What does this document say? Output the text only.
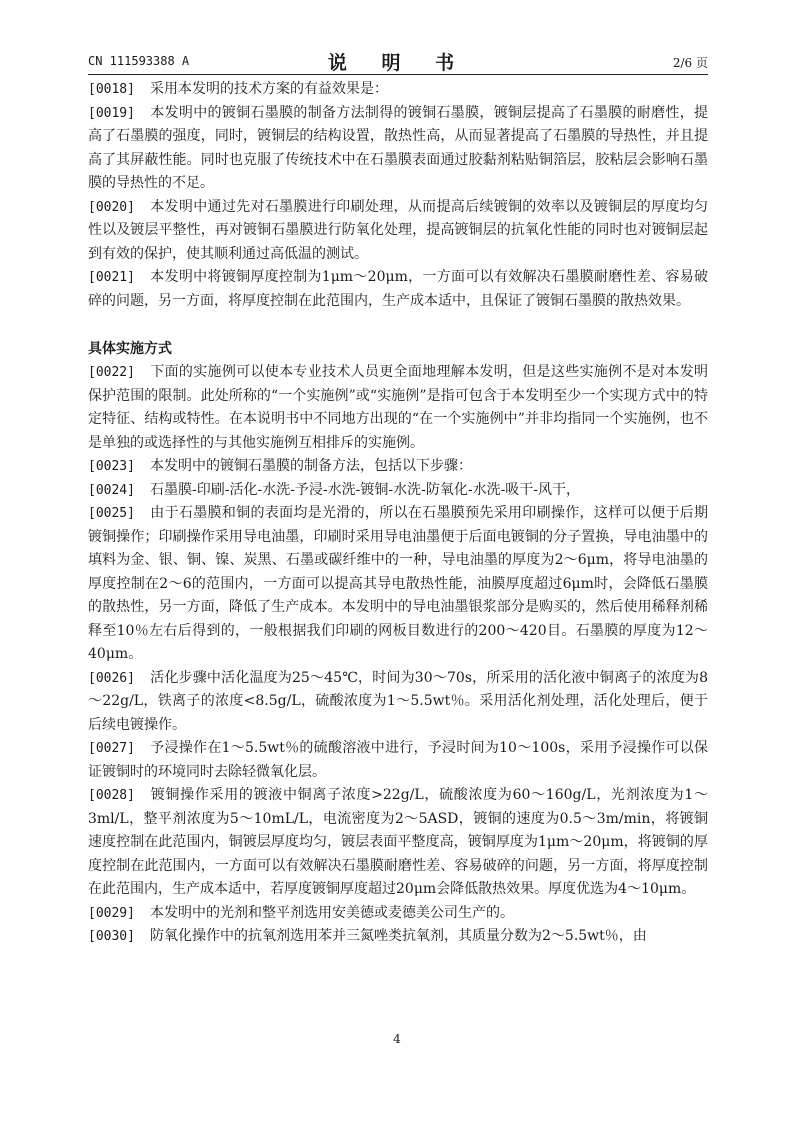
CN 111593388 A	说 明 书	2/6 页

[0018] 采用本发明的技术方案的有益效果是：

[0019] 本发明中的镀铜石墨膜的制备方法制得的镀铜石墨膜，镀铜层提高了石墨膜的耐磨性，提高了石墨膜的强度，同时，镀铜层的结构设置，散热性高，从而显著提高了石墨膜的导热性，并且提高了其屏蔽性能。同时也克服了传统技术中在石墨膜表面通过胶黏剂粘贴铜箔层，胶粘层会影响石墨膜的导热性的不足。

[0020] 本发明中通过先对石墨膜进行印刷处理，从而提高后续镀铜的效率以及镀铜层的厚度均匀性以及镀层平整性，再对镀铜石墨膜进行防氧化处理，提高镀铜层的抗氧化性能的同时也对镀铜层起到有效的保护，使其顺利通过高低温的测试。

[0021] 本发明中将镀铜厚度控制为1μm～20μm，一方面可以有效解决石墨膜耐磨性差、容易破碎的问题，另一方面，将厚度控制在此范围内，生产成本适中，且保证了镀铜石墨膜的散热效果。

具体实施方式

[0022] 下面的实施例可以使本专业技术人员更全面地理解本发明，但是这些实施例不是对本发明保护范围的限制。此处所称的“一个实施例”或“实施例”是指可包含于本发明至少一个实现方式中的特定特征、结构或特性。在本说明书中不同地方出现的“在一个实施例中”并非均指同一个实施例，也不是单独的或选择性的与其他实施例互相排斥的实施例。

[0023] 本发明中的镀铜石墨膜的制备方法，包括以下步骤：

[0024] 石墨膜-印刷-活化-水洗-予浸-水洗-镀铜-水洗-防氧化-水洗-吸干-风干，

[0025] 由于石墨膜和铜的表面均是光滑的，所以在石墨膜预先采用印刷操作，这样可以便于后期镀铜操作；印刷操作采用导电油墨，印刷时采用导电油墨便于后面电镀铜的分子置换，导电油墨中的填料为金、银、铜、镍、炭黑、石墨或碳纤维中的一种，导电油墨的厚度为2～6μm，将导电油墨的厚度控制在2～6的范围内，一方面可以提高其导电散热性能，油膜厚度超过6μm时，会降低石墨膜的散热性，另一方面，降低了生产成本。本发明中的导电油墨银浆部分是购买的，然后使用稀释剂稀释至10％左右后得到的，一般根据我们印刷的网板目数进行的200～420目。石墨膜的厚度为12～40μm。

[0026] 活化步骤中活化温度为25～45℃，时间为30～70s，所采用的活化液中铜离子的浓度为8～22g/L，铁离子的浓度<8.5g/L，硫酸浓度为1～5.5wt％。采用活化剂处理，活化处理后，便于后续电镀操作。

[0027] 予浸操作在1～5.5wt％的硫酸溶液中进行，予浸时间为10～100s，采用予浸操作可以保证镀铜时的环境同时去除轻微氧化层。

[0028] 镀铜操作采用的镀液中铜离子浓度>22g/L，硫酸浓度为60～160g/L，光剂浓度为1～3ml/L，整平剂浓度为5～10mL/L，电流密度为2～5ASD，镀铜的速度为0.5～3m/min，将镀铜速度控制在此范围内，铜镀层厚度均匀，镀层表面平整度高，镀铜厚度为1μm～20μm，将镀铜的厚度控制在此范围内，一方面可以有效解决石墨膜耐磨性差、容易破碎的问题，另一方面，将厚度控制在此范围内，生产成本适中，若厚度镀铜厚度超过20μm会降低散热效果。厚度优选为4～10μm。

[0029] 本发明中的光剂和整平剂选用安美德或麦德美公司生产的。

[0030] 防氧化操作中的抗氧剂选用苯并三氮唑类抗氧剂，其质量分数为2～5.5wt％，由

4
